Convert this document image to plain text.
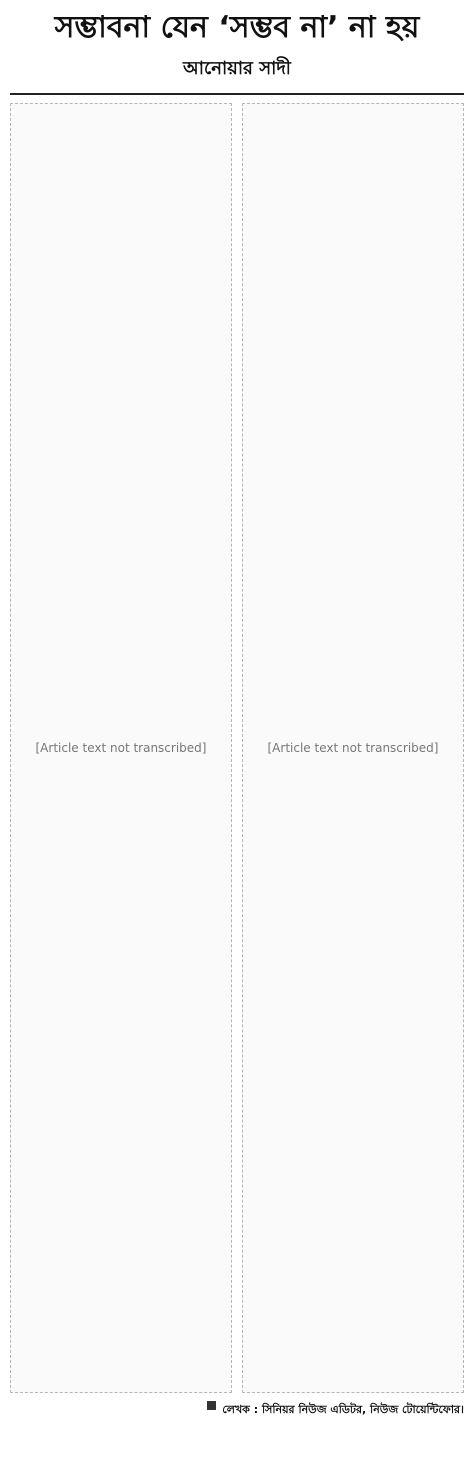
সম্ভাবনা যেন ‘সম্ভব না’ না হয়
আনোয়ার সাদী
[Article text not transcribed]	[Article text not transcribed]
লেখক :
সিনিয়র নিউজ এডিটর, নিউজ টোয়েন্টিফোর।
